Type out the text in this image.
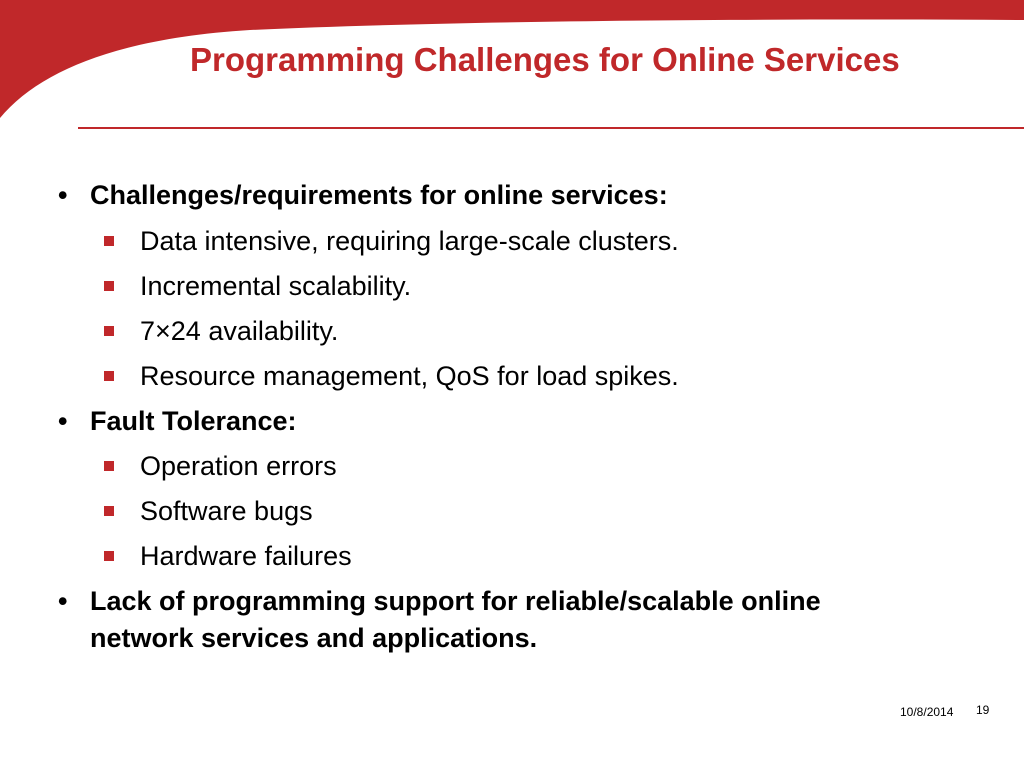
Programming Challenges for Online Services
• Challenges/requirements for online services:
Data intensive, requiring large-scale clusters.
Incremental scalability.
7×24 availability.
Resource management, QoS for load spikes.
• Fault Tolerance:
Operation errors
Software bugs
Hardware failures
• Lack of programming support for reliable/scalable online network services and applications.
10/8/2014 19
